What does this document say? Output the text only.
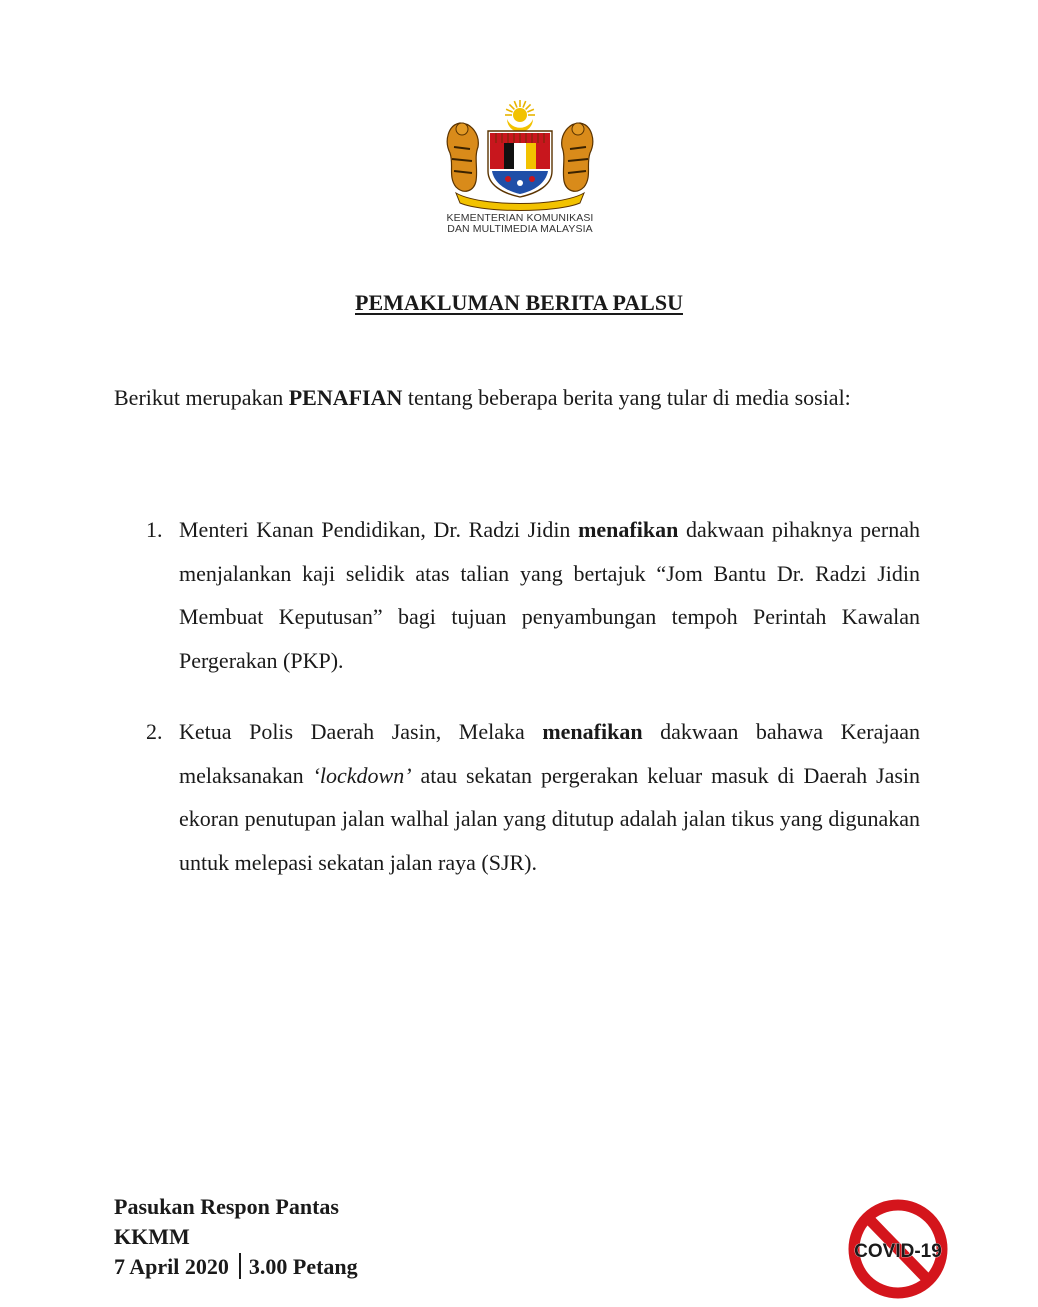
KEMENTERIAN KOMUNIKASI
DAN MULTIMEDIA MALAYSIA
PEMAKLUMAN BERITA PALSU
Berikut merupakan PENAFIAN tentang beberapa berita yang tular di media sosial:
1. Menteri Kanan Pendidikan, Dr. Radzi Jidin menafikan dakwaan pihaknya pernah menjalankan kaji selidik atas talian yang bertajuk “Jom Bantu Dr. Radzi Jidin Membuat Keputusan” bagi tujuan penyambungan tempoh Perintah Kawalan Pergerakan (PKP).
2. Ketua Polis Daerah Jasin, Melaka menafikan dakwaan bahawa Kerajaan melaksanakan ‘lockdown’ atau sekatan pergerakan keluar masuk di Daerah Jasin ekoran penutupan jalan walhal jalan yang ditutup adalah jalan tikus yang digunakan untuk melepasi sekatan jalan raya (SJR).
Pasukan Respon Pantas
KKMM
7 April 2020 3.00 Petang
COVID-19
